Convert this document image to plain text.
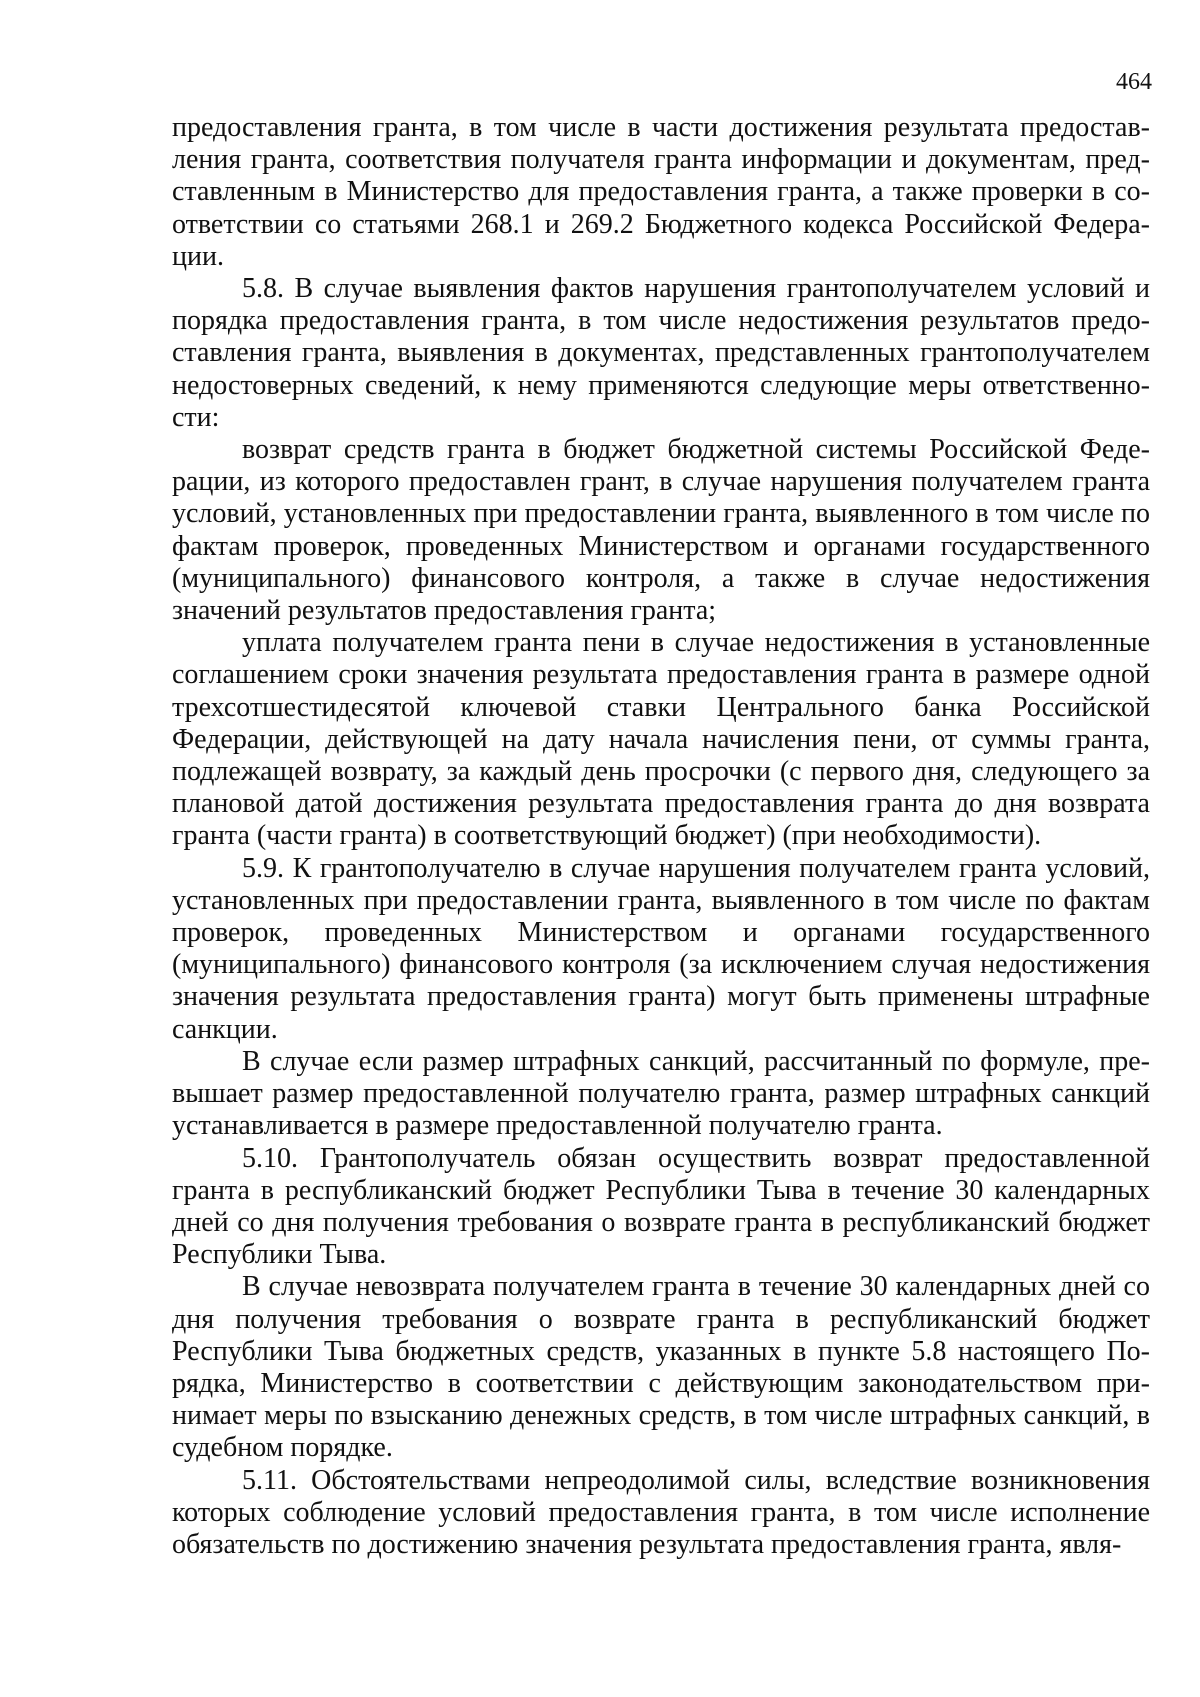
464

предоставления гранта, в том числе в части достижения результата предоставления гранта, соответствия получателя гранта информации и документам, представленным в Министерство для предоставления гранта, а также проверки в соответствии со статьями 268.1 и 269.2 Бюджетного кодекса Российской Федерации.

5.8. В случае выявления фактов нарушения грантополучателем условий и порядка предоставления гранта, в том числе недостижения результатов предоставления гранта, выявления в документах, представленных грантополучателем недостоверных сведений, к нему применяются следующие меры ответственности:

возврат средств гранта в бюджет бюджетной системы Российской Федерации, из которого предоставлен грант, в случае нарушения получателем гранта условий, установленных при предоставлении гранта, выявленного в том числе по фактам проверок, проведенных Министерством и органами государственного (муниципального) финансового контроля, а также в случае недостижения значений результатов предоставления гранта;

уплата получателем гранта пени в случае недостижения в установленные соглашением сроки значения результата предоставления гранта в размере одной трехсотшестидесятой ключевой ставки Центрального банка Российской Федерации, действующей на дату начала начисления пени, от суммы гранта, подлежащей возврату, за каждый день просрочки (с первого дня, следующего за плановой датой достижения результата предоставления гранта до дня возврата гранта (части гранта) в соответствующий бюджет) (при необходимости).

5.9. К грантополучателю в случае нарушения получателем гранта условий, установленных при предоставлении гранта, выявленного в том числе по фактам проверок, проведенных Министерством и органами государственного (муниципального) финансового контроля (за исключением случая недостижения значения результата предоставления гранта) могут быть применены штрафные санкции.

В случае если размер штрафных санкций, рассчитанный по формуле, превышает размер предоставленной получателю гранта, размер штрафных санкций устанавливается в размере предоставленной получателю гранта.

5.10. Грантополучатель обязан осуществить возврат предоставленной гранта в республиканский бюджет Республики Тыва в течение 30 календарных дней со дня получения требования о возврате гранта в республиканский бюджет Республики Тыва.

В случае невозврата получателем гранта в течение 30 календарных дней со дня получения требования о возврате гранта в республиканский бюджет Республики Тыва бюджетных средств, указанных в пункте 5.8 настоящего Порядка, Министерство в соответствии с действующим законодательством принимает меры по взысканию денежных средств, в том числе штрафных санкций, в судебном порядке.

5.11. Обстоятельствами непреодолимой силы, вследствие возникновения которых соблюдение условий предоставления гранта, в том числе исполнение обязательств по достижению значения результата предоставления гранта, явля-
